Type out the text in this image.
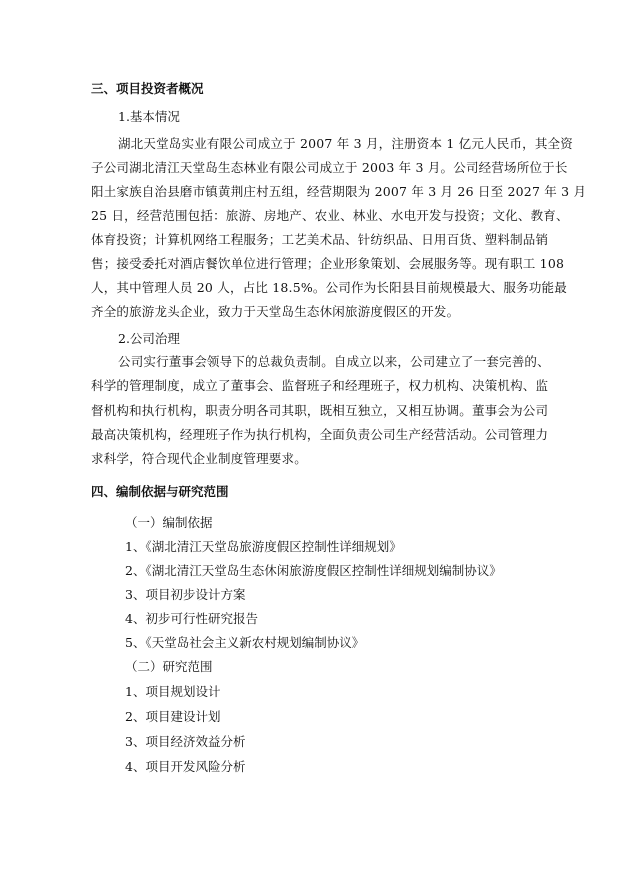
三、项目投资者概况
1.基本情况
湖北天堂岛实业有限公司成立于 2007 年 3 月，注册资本 1 亿元人民币，其全资
子公司湖北清江天堂岛生态林业有限公司成立于 2003 年 3 月。公司经营场所位于长
阳土家族自治县磨市镇黄荆庄村五组，经营期限为 2007 年 3 月 26 日至 2027 年 3 月
25 日，经营范围包括：旅游、房地产、农业、林业、水电开发与投资；文化、教育、
体育投资；计算机网络工程服务；工艺美术品、针纺织品、日用百货、塑料制品销
售；接受委托对酒店餐饮单位进行管理；企业形象策划、会展服务等。现有职工 108
人，其中管理人员 20 人，占比 18.5%。公司作为长阳县目前规模最大、服务功能最
齐全的旅游龙头企业，致力于天堂岛生态休闲旅游度假区的开发。
2.公司治理
公司实行董事会领导下的总裁负责制。自成立以来，公司建立了一套完善的、
科学的管理制度，成立了董事会、监督班子和经理班子，权力机构、决策机构、监
督机构和执行机构，职责分明各司其职，既相互独立，又相互协调。董事会为公司
最高决策机构，经理班子作为执行机构，全面负责公司生产经营活动。公司管理力
求科学，符合现代企业制度管理要求。
四、编制依据与研究范围
（一）编制依据
1、《湖北清江天堂岛旅游度假区控制性详细规划》
2、《湖北清江天堂岛生态休闲旅游度假区控制性详细规划编制协议》
3、项目初步设计方案
4、初步可行性研究报告
5、《天堂岛社会主义新农村规划编制协议》
（二）研究范围
1、项目规划设计
2、项目建设计划
3、项目经济效益分析
4、项目开发风险分析
